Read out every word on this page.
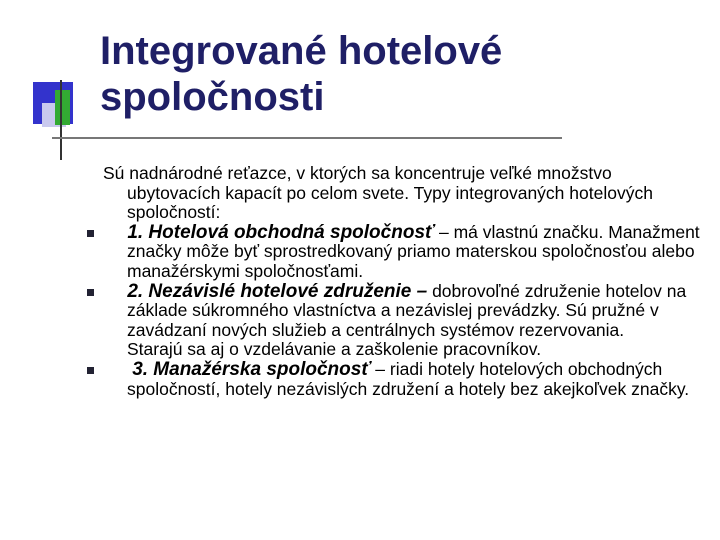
Integrované hotelové
spoločnosti

Sú nadnárodné reťazce, v ktorých sa koncentruje veľké množstvo ubytovacích kapacít po celom svete. Typy integrovaných hotelových spoločností:

1. Hotelová obchodná spoločnosť – má vlastnú značku. Manažment značky môže byť sprostredkovaný priamo materskou spoločnosťou alebo manažérskymi spoločnosťami.

2. Nezávislé hotelové združenie – dobrovoľné združenie hotelov na základe súkromného vlastníctva a nezávislej prevádzky. Sú pružné v zavádzaní nových služieb a centrálnych systémov rezervovania.

Starajú sa aj o vzdelávanie a zaškolenie pracovníkov.

3. Manažérska spoločnosť – riadi hotely hotelových obchodných spoločností, hotely nezávislých združení a hotely bez akejkoľvek značky.
